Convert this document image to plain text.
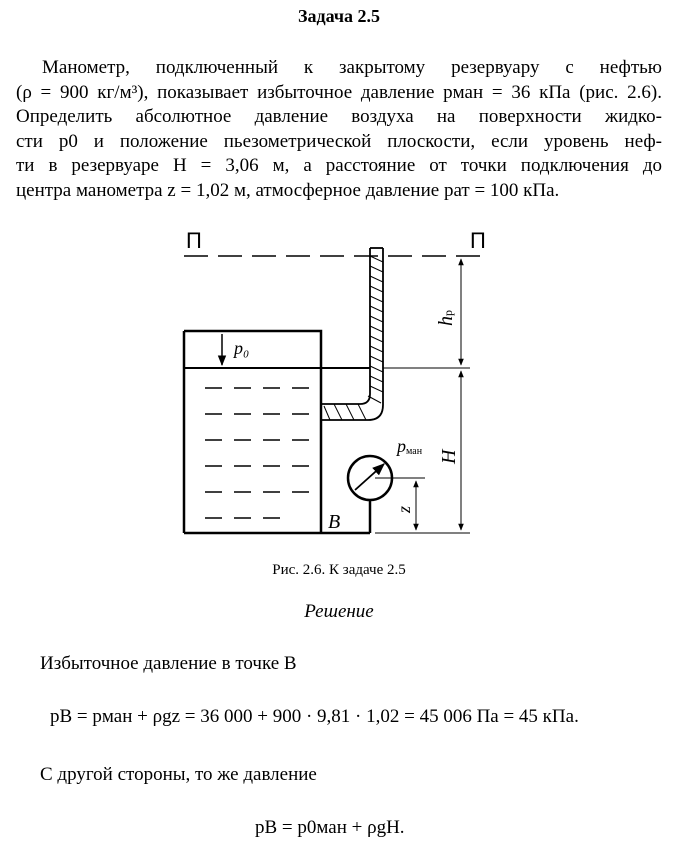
Задача 2.5
Манометр, подключенный к закрытому резервуару с нефтью
(ρ = 900 кг/м³), показывает избыточное давление pман = 36 кПа (рис. 2.6).
Определить абсолютное давление воздуха на поверхности жидко-
сти p0 и положение пьезометрической плоскости, если уровень неф-
ти в резервуаре H = 3,06 м, а расстояние от точки подключения до
центра манометра z = 1,02 м, атмосферное давление pат = 100 кПа.
П	П
p₀
pман
hp
H
z
B
Рис. 2.6. К задаче 2.5
Решение
Избыточное давление в точке B
pB = pман + ρgz = 36 000 + 900 · 9,81 · 1,02 = 45 006 Па = 45 кПа.
С другой стороны, то же давление
pB = p0ман + ρgH.
